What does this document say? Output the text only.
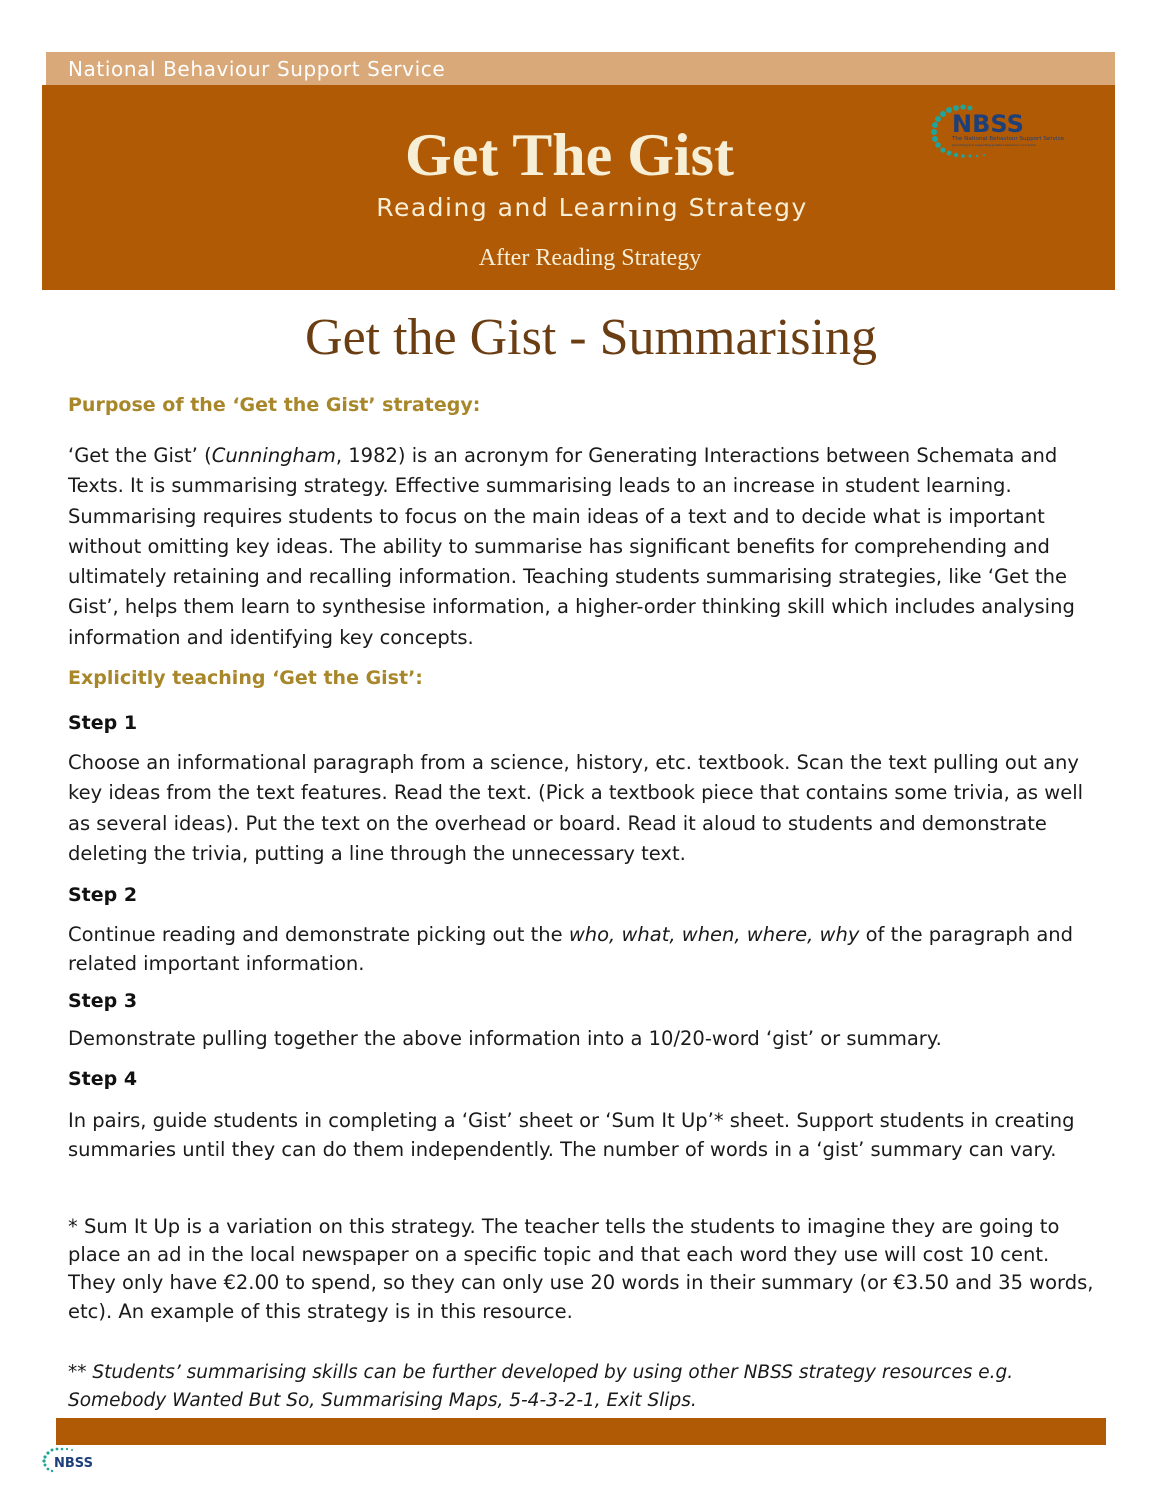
National Behaviour Support Service
Get The Gist
Reading and Learning Strategy
After Reading Strategy
NBSS
The National Behaviour Support Service
promoting and supporting positive behaviour in schools
Get the Gist - Summarising
Purpose of the ‘Get the Gist’ strategy:

‘Get the Gist’ (Cunningham, 1982) is an acronym for Generating Interactions between Schemata and Texts. It is summarising strategy. Effective summarising leads to an increase in student learning. Summarising requires students to focus on the main ideas of a text and to decide what is important without omitting key ideas. The ability to summarise has significant benefits for comprehending and ultimately retaining and recalling information. Teaching students summarising strategies, like ‘Get the Gist’, helps them learn to synthesise information, a higher-order thinking skill which includes analysing information and identifying key concepts.

Explicitly teaching ‘Get the Gist’:
Step 1

Choose an informational paragraph from a science, history, etc. textbook. Scan the text pulling out any key ideas from the text features. Read the text. (Pick a textbook piece that contains some trivia, as well as several ideas). Put the text on the overhead or board. Read it aloud to students and demonstrate deleting the trivia, putting a line through the unnecessary text.

Step 2

Continue reading and demonstrate picking out the who, what, when, where, why of the paragraph and related important information.

Step 3

Demonstrate pulling together the above information into a 10/20-word ‘gist’ or summary.

Step 4

In pairs, guide students in completing a ‘Gist’ sheet or ‘Sum It Up’* sheet. Support students in creating summaries until they can do them independently. The number of words in a ‘gist’ summary can vary.

* Sum It Up is a variation on this strategy. The teacher tells the students to imagine they are going to place an ad in the local newspaper on a specific topic and that each word they use will cost 10 cent. They only have €2.00 to spend, so they can only use 20 words in their summary (or €3.50 and 35 words, etc). An example of this strategy is in this resource.

** Students’ summarising skills can be further developed by using other NBSS strategy resources e.g. Somebody Wanted But So, Summarising Maps, 5-4-3-2-1, Exit Slips.

NBSS
